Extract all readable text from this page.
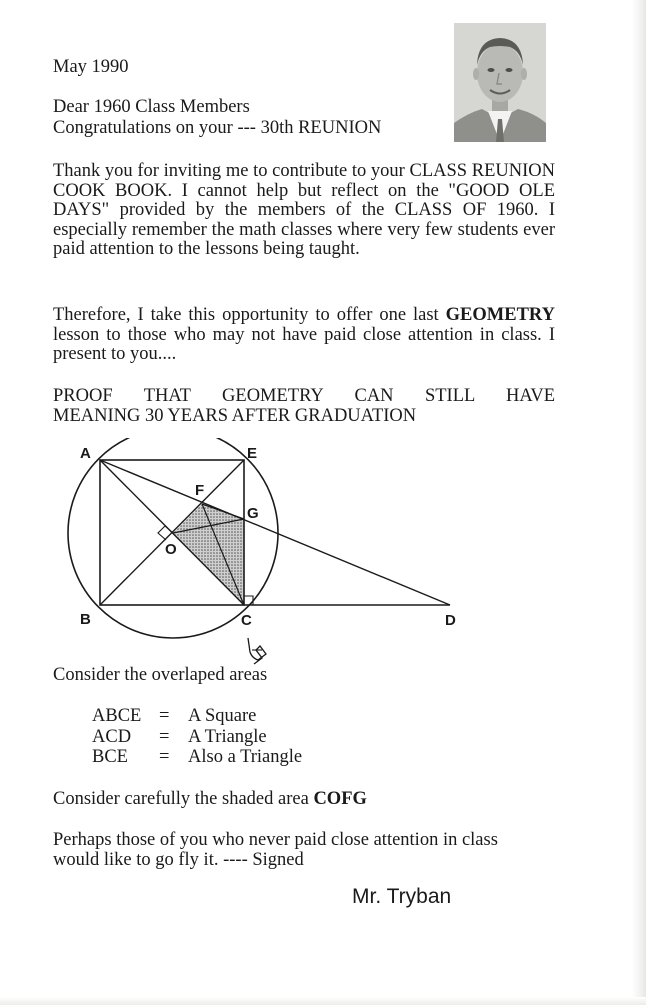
May 1990
Dear 1960 Class Members
Congratulations on your --- 30th REUNION
Thank you for inviting me to contribute to your CLASS REUNION COOK BOOK. I cannot help but reflect on the "GOOD OLE DAYS" provided by the members of the CLASS OF 1960. I especially remember the math classes where very few students ever paid attention to the lessons being taught.
Therefore, I take this opportunity to offer one last GEOMETRY lesson to those who may not have paid close attention in class. I present to you....
PROOF THAT GEOMETRY CAN STILL HAVE
MEANING 30 YEARS AFTER GRADUATION
A	E
F
G
O
B	C	D
Consider the overlaped areas
ABCE = A Square
ACD = A Triangle
BCE = Also a Triangle
Consider carefully the shaded area COFG
Perhaps those of you who never paid close attention in class
would like to go fly it. ---- Signed
Mr. Tryban
